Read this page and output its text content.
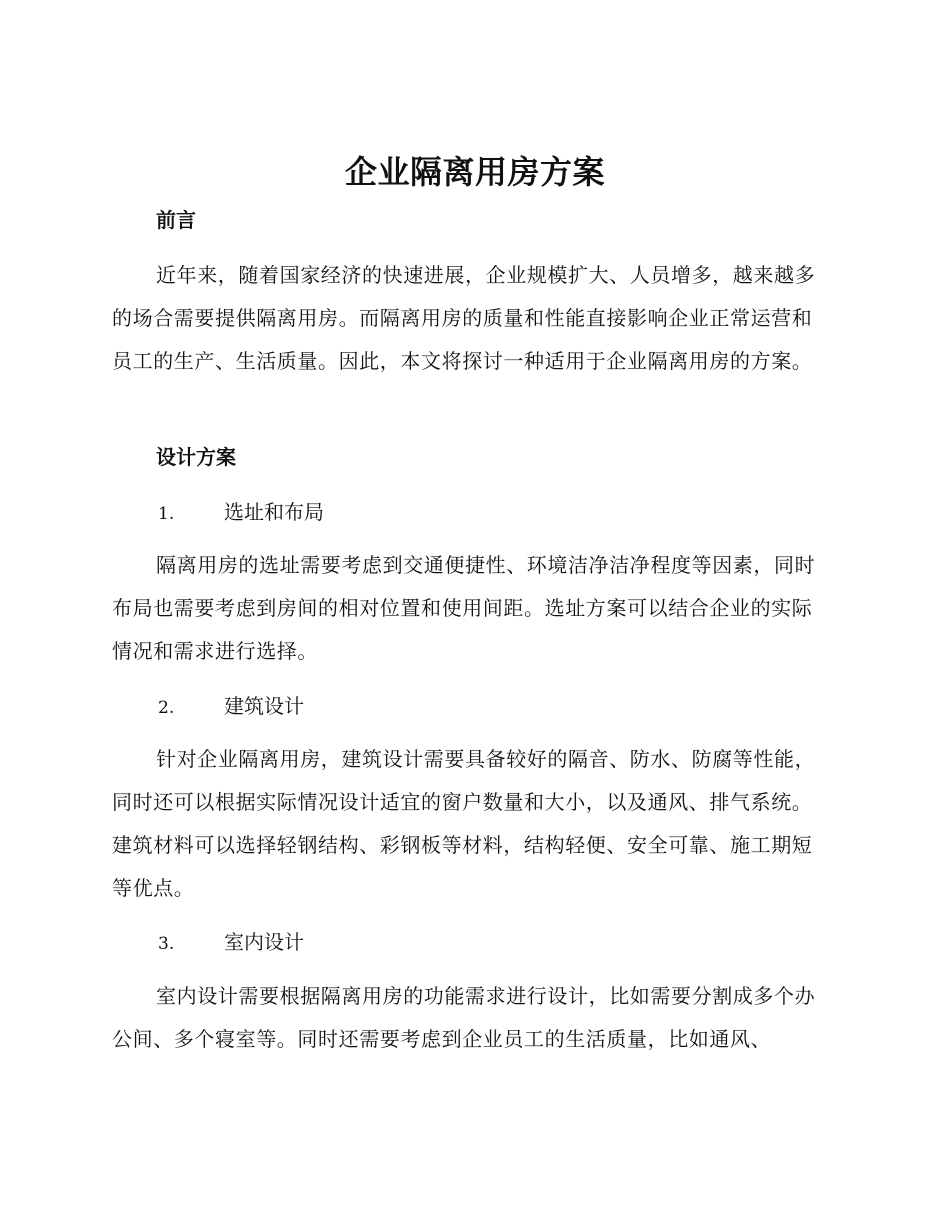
企业隔离用房方案
前言

近年来，随着国家经济的快速进展，企业规模扩大、人员增多，越来越多的场合需要提供隔离用房。而隔离用房的质量和性能直接影响企业正常运营和员工的生产、生活质量。因此，本文将探讨一种适用于企业隔离用房的方案。

设计方案
1. 选址和布局

隔离用房的选址需要考虑到交通便捷性、环境洁净洁净程度等因素，同时布局也需要考虑到房间的相对位置和使用间距。选址方案可以结合企业的实际情况和需求进行选择。

2. 建筑设计

针对企业隔离用房，建筑设计需要具备较好的隔音、防水、防腐等性能，同时还可以根据实际情况设计适宜的窗户数量和大小，以及通风、排气系统。建筑材料可以选择轻钢结构、彩钢板等材料，结构轻便、安全可靠、施工期短等优点。

3. 室内设计

室内设计需要根据隔离用房的功能需求进行设计，比如需要分割成多个办公间、多个寝室等。同时还需要考虑到企业员工的生活质量，比如通风、
